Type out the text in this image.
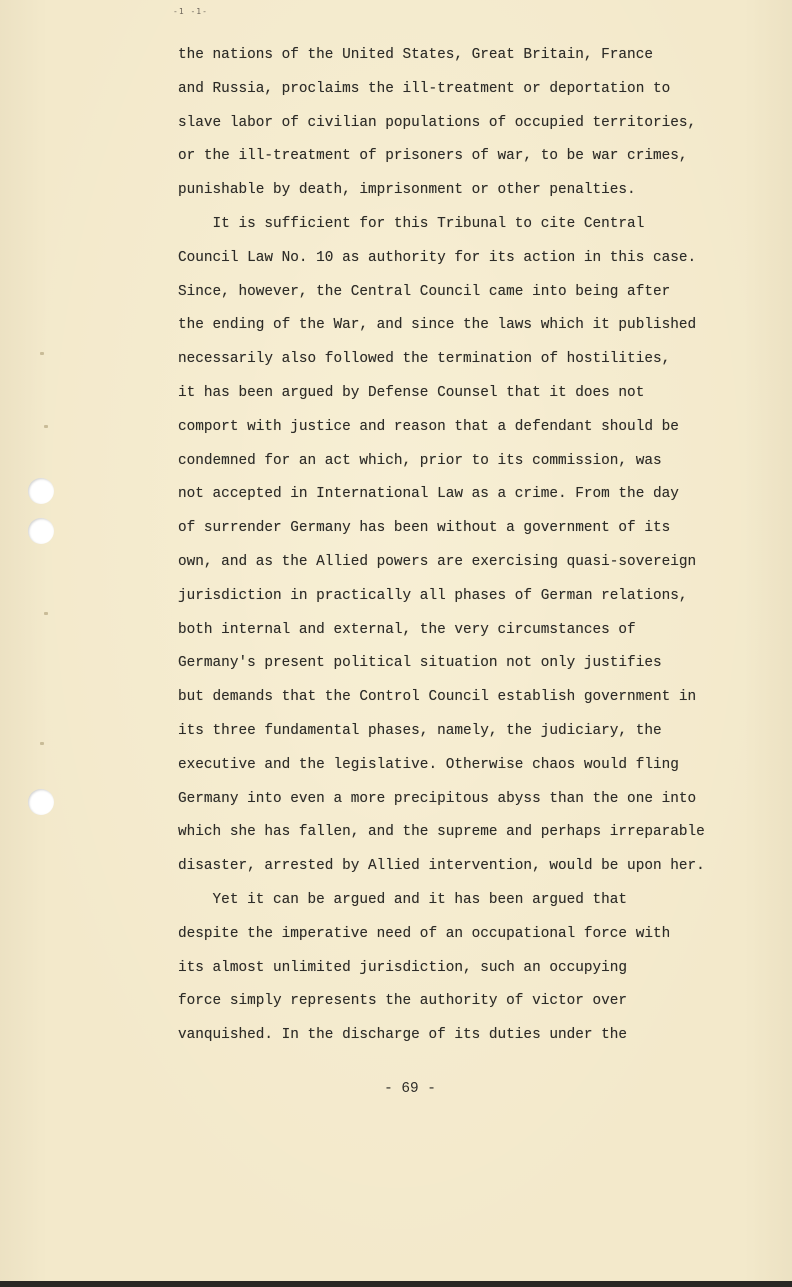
-1 -1-
the nations of the United States, Great Britain, France
and Russia, proclaims the ill-treatment or deportation to
slave labor of civilian populations of occupied territories,
or the ill-treatment of prisoners of war, to be war crimes,
punishable by death, imprisonment or other penalties.
It is sufficient for this Tribunal to cite Central
Council Law No. 10 as authority for its action in this case.
Since, however, the Central Council came into being after
the ending of the War, and since the laws which it published
necessarily also followed the termination of hostilities,
it has been argued by Defense Counsel that it does not
comport with justice and reason that a defendant should be
condemned for an act which, prior to its commission, was
not accepted in International Law as a crime. From the day
of surrender Germany has been without a government of its
own, and as the Allied powers are exercising quasi-sovereign
jurisdiction in practically all phases of German relations,
both internal and external, the very circumstances of
Germany's present political situation not only justifies
but demands that the Control Council establish government in
its three fundamental phases, namely, the judiciary, the
executive and the legislative. Otherwise chaos would fling
Germany into even a more precipitous abyss than the one into
which she has fallen, and the supreme and perhaps irreparable
disaster, arrested by Allied intervention, would be upon her.
Yet it can be argued and it has been argued that
despite the imperative need of an occupational force with
its almost unlimited jurisdiction, such an occupying
force simply represents the authority of victor over
vanquished. In the discharge of its duties under the
- 69 -
